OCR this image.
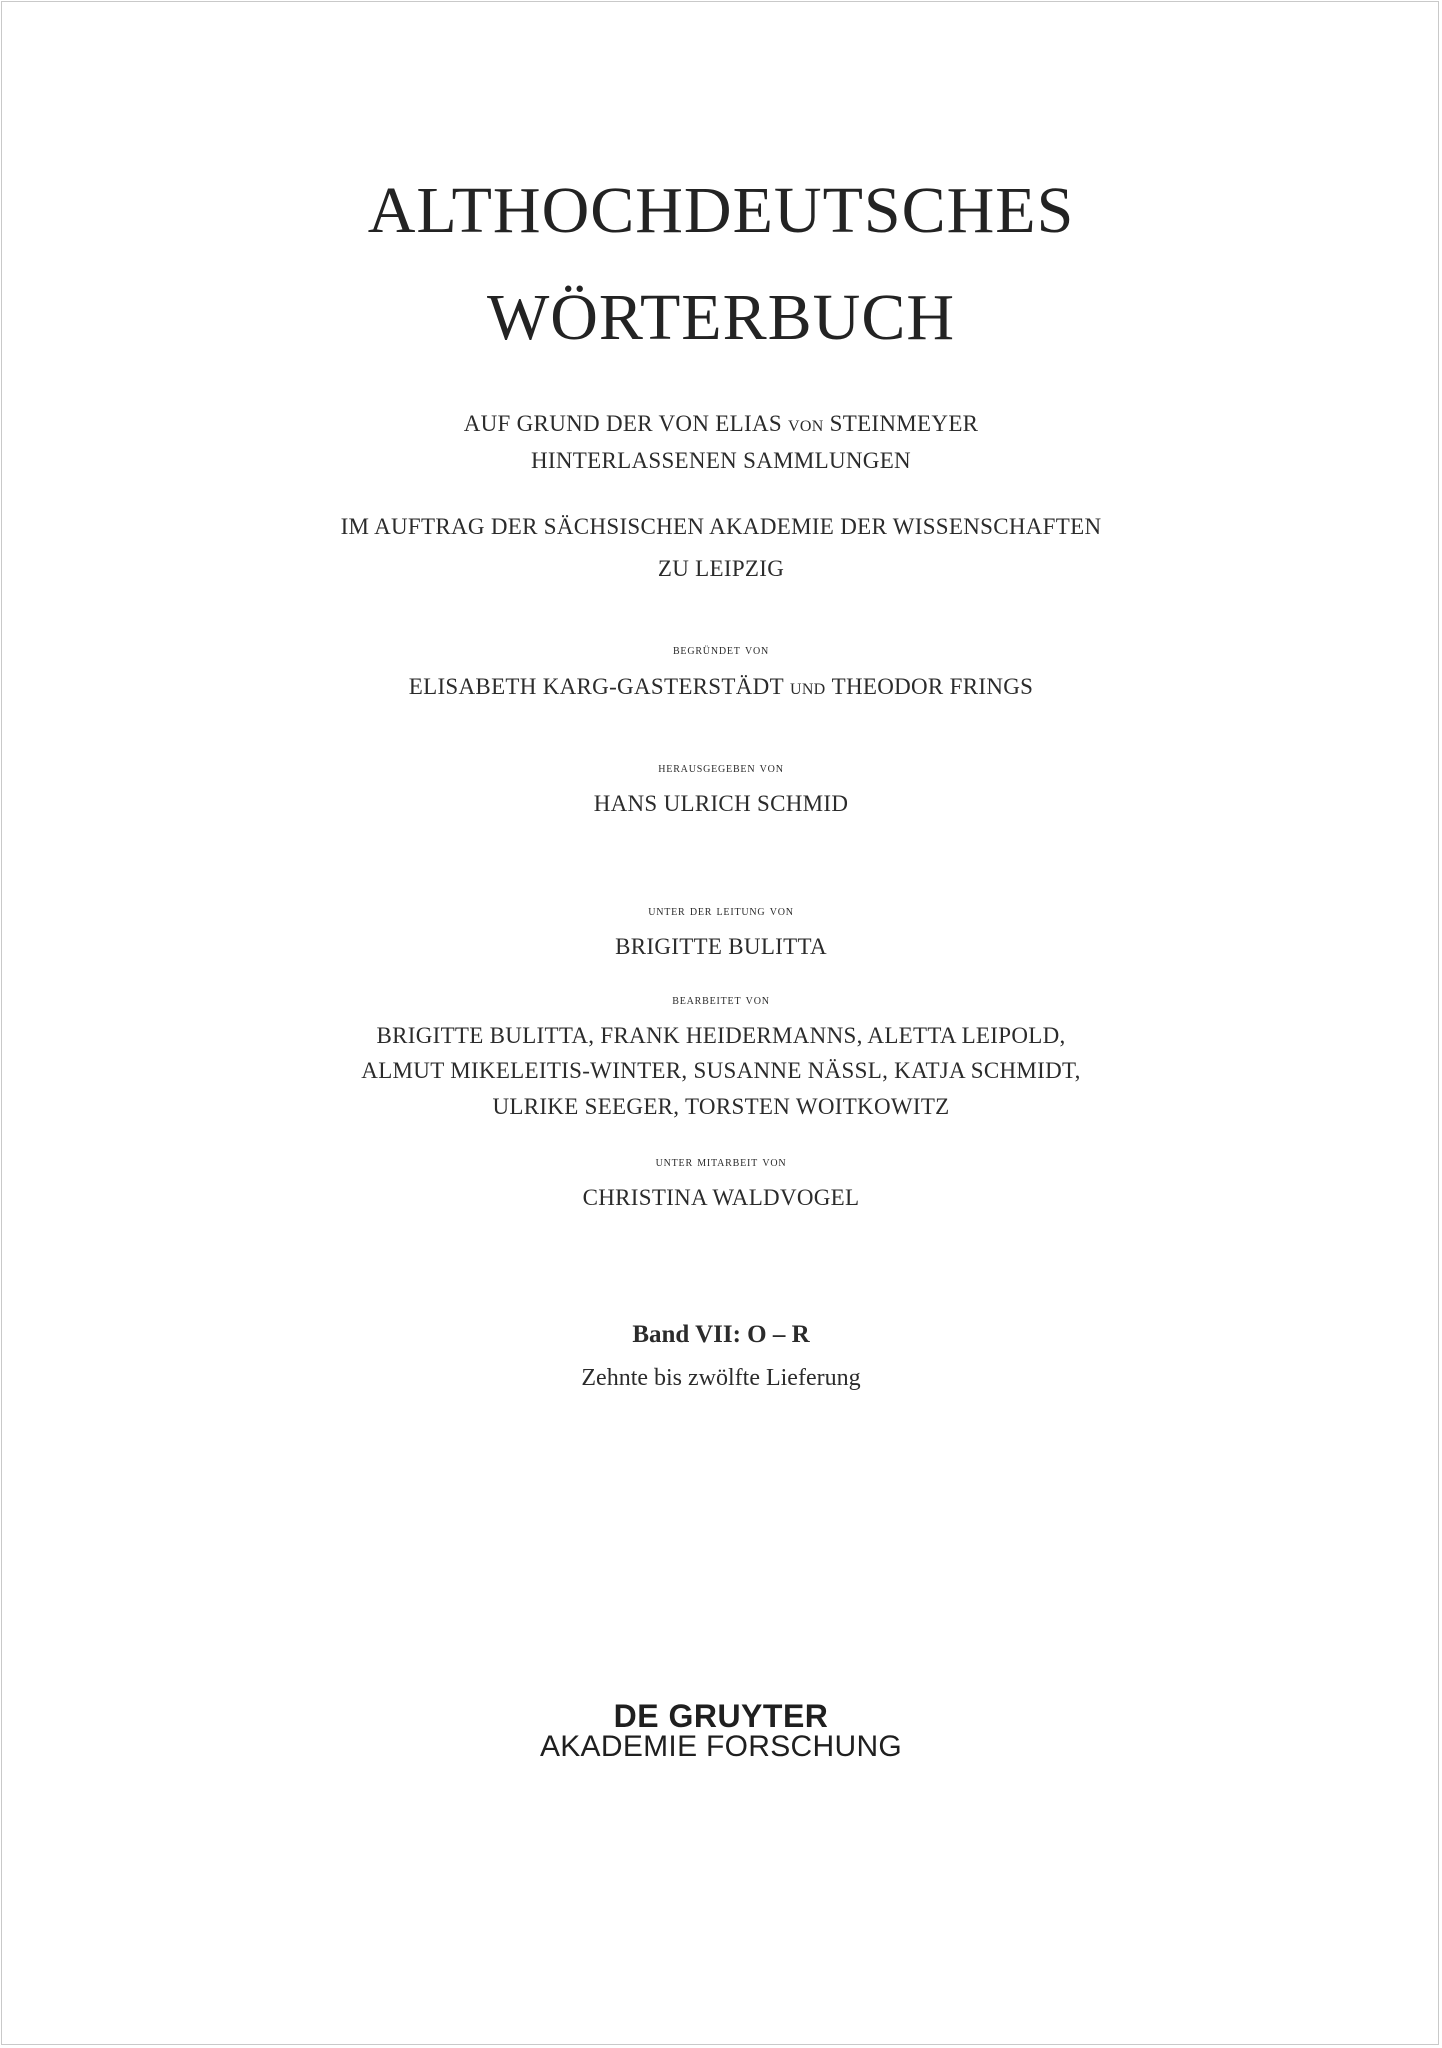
ALTHOCHDEUTSCHES

WÖRTERBUCH

AUF GRUND DER VON ELIAS von STEINMEYER

HINTERLASSENEN SAMMLUNGEN

IM AUFTRAG DER SÄCHSISCHEN AKADEMIE DER WISSENSCHAFTEN

ZU LEIPZIG

begründet von

ELISABETH KARG-GASTERSTÄDT und THEODOR FRINGS

herausgegeben von

HANS ULRICH SCHMID

unter der leitung von

BRIGITTE BULITTA

bearbeitet von

BRIGITTE BULITTA, FRANK HEIDERMANNS, ALETTA LEIPOLD,

ALMUT MIKELEITIS-WINTER, SUSANNE NÄSSL, KATJA SCHMIDT,

ULRIKE SEEGER, TORSTEN WOITKOWITZ

unter mitarbeit von

CHRISTINA WALDVOGEL

Band VII: O – R

Zehnte bis zwölfte Lieferung

DE GRUYTER

AKADEMIE FORSCHUNG
